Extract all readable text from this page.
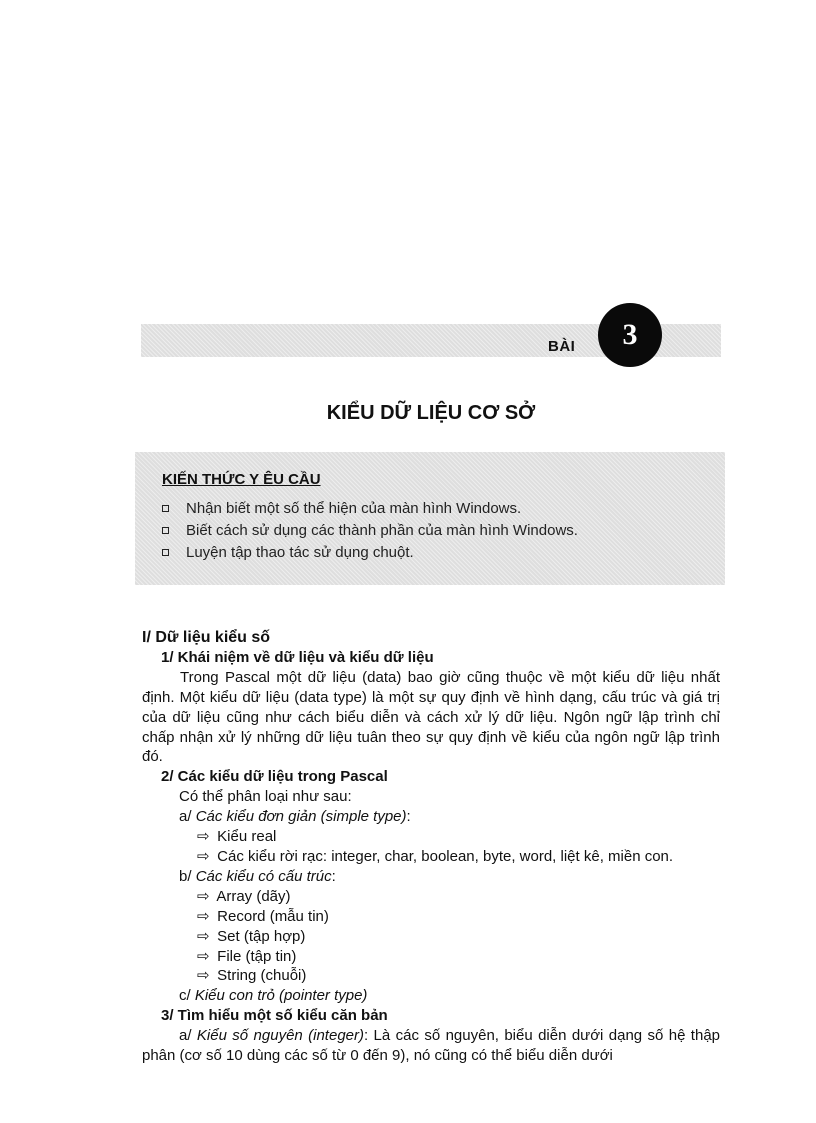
BÀI	3
KIỂU DỮ LIỆU CƠ SỞ
KIẾN THỨC Y ÊU CẦU
Nhận biết một số thể hiện của màn hình Windows.
Biết cách sử dụng các thành phần của màn hình Windows.
Luyện tập thao tác sử dụng chuột.
I/ Dữ liệu kiểu số
1/ Khái niệm về dữ liệu và kiểu dữ liệu
Trong Pascal một dữ liệu (data) bao giờ cũng thuộc về một kiểu dữ liệu nhất định. Một kiểu dữ liệu (data type) là một sự quy định về hình dạng, cấu trúc và giá trị của dữ liệu cũng như cách biểu diễn và cách xử lý dữ liệu. Ngôn ngữ lập trình chỉ chấp nhận xử lý những dữ liệu tuân theo sự quy định về kiểu của ngôn ngữ lập trình đó.
2/ Các kiểu dữ liệu trong Pascal
Có thể phân loại như sau:
a/ Các kiểu đơn giản (simple type):
⇨ Kiểu real
⇨ Các kiểu rời rạc: integer, char, boolean, byte, word, liệt kê, miền con.
b/ Các kiểu có cấu trúc:
⇨ Array (dãy)
⇨ Record (mẫu tin)
⇨ Set (tập hợp)
⇨ File (tập tin)
⇨ String (chuỗi)
c/ Kiểu con trỏ (pointer type)
3/ Tìm hiểu một số kiểu căn bản
a/ Kiểu số nguyên (integer): Là các số nguyên, biểu diễn dưới dạng số hệ thập phân (cơ số 10 dùng các số từ 0 đến 9), nó cũng có thể biểu diễn dưới
